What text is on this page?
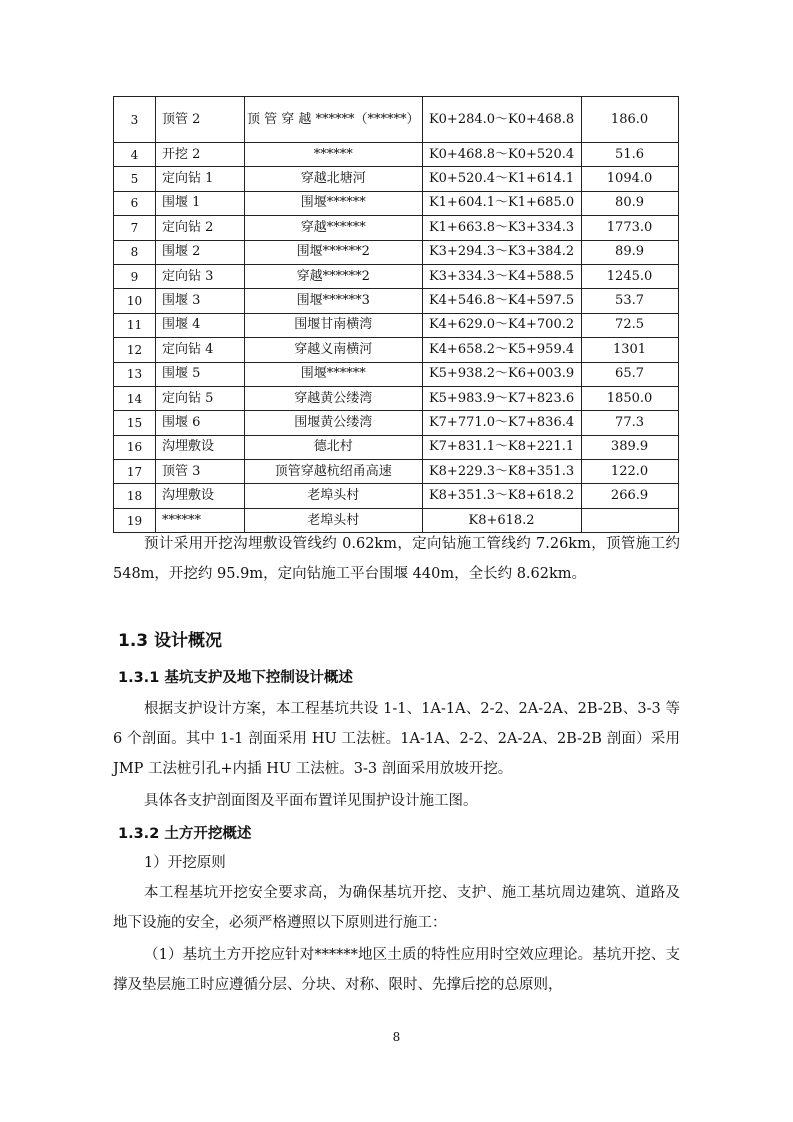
3	顶管 2	顶 管 穿 越 ******（******）	K0+284.0～K0+468.8	186.0
4	开挖 2	******	K0+468.8～K0+520.4	51.6
5	定向钻 1	穿越北塘河	K0+520.4～K1+614.1	1094.0
6	围堰 1	围堰******	K1+604.1～K1+685.0	80.9
7	定向钻 2	穿越******	K1+663.8～K3+334.3	1773.0
8	围堰 2	围堰******2	K3+294.3～K3+384.2	89.9
9	定向钻 3	穿越******2	K3+334.3～K4+588.5	1245.0
10	围堰 3	围堰******3	K4+546.8～K4+597.5	53.7
11	围堰 4	围堰甘南横湾	K4+629.0～K4+700.2	72.5
12	定向钻 4	穿越义南横河	K4+658.2～K5+959.4	1301
13	围堰 5	围堰******	K5+938.2～K6+003.9	65.7
14	定向钻 5	穿越黄公缕湾	K5+983.9～K7+823.6	1850.0
15	围堰 6	围堰黄公缕湾	K7+771.0～K7+836.4	77.3
16	沟埋敷设	德北村	K7+831.1～K8+221.1	389.9
17	顶管 3	顶管穿越杭绍甬高速	K8+229.3～K8+351.3	122.0
18	沟埋敷设	老埠头村	K8+351.3～K8+618.2	266.9
19	******	老埠头村	K8+618.2	
预计采用开挖沟埋敷设管线约 0.62km，定向钻施工管线约 7.26km，顶管施工约 548m，开挖约 95.9m，定向钻施工平台围堰 440m，全长约 8.62km。
1.3 设计概况
1.3.1 基坑支护及地下控制设计概述
根据支护设计方案，本工程基坑共设 1-1、1A-1A、2-2、2A-2A、2B-2B、3-3 等 6 个剖面。其中 1-1 剖面采用 HU 工法桩。1A-1A、2-2、2A-2A、2B-2B 剖面）采用 JMP 工法桩引孔+内插 HU 工法桩。3-3 剖面采用放坡开挖。
具体各支护剖面图及平面布置详见围护设计施工图。
1.3.2 土方开挖概述
1）开挖原则
本工程基坑开挖安全要求高，为确保基坑开挖、支护、施工基坑周边建筑、道路及地下设施的安全，必须严格遵照以下原则进行施工：
（1）基坑土方开挖应针对******地区土质的特性应用时空效应理论。基坑开挖、支撑及垫层施工时应遵循分层、分块、对称、限时、先撑后挖的总原则，
8
